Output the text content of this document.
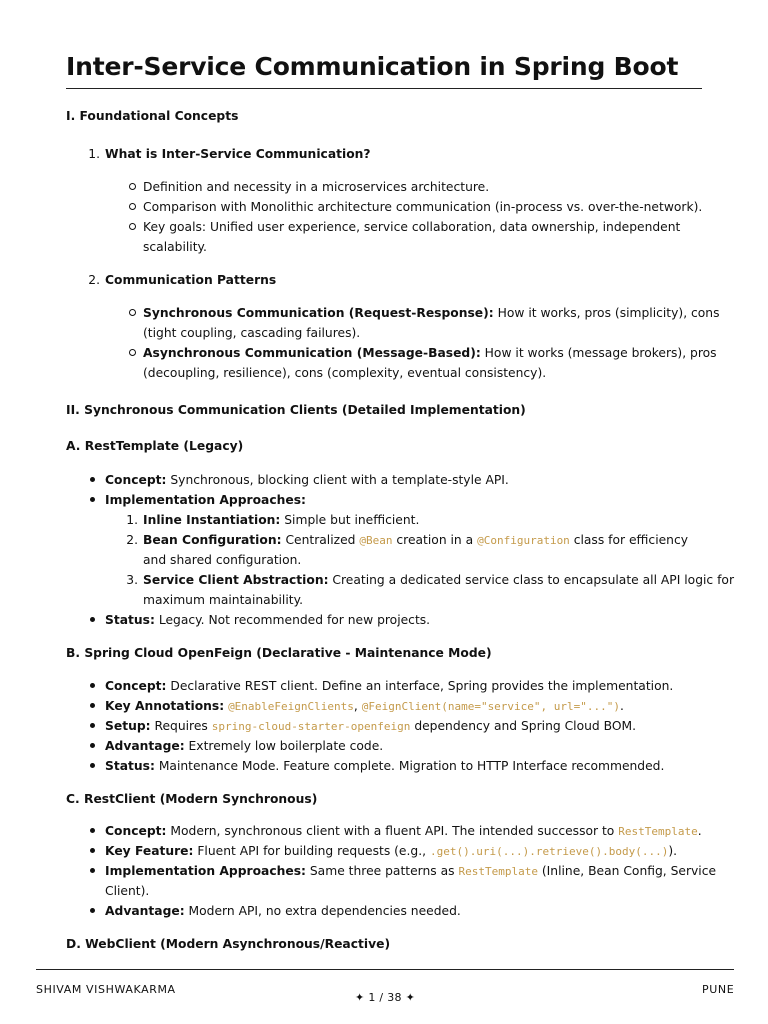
Inter-Service Communication in Spring Boot
I. Foundational Concepts
1. What is Inter-Service Communication?
Definition and necessity in a microservices architecture.
Comparison with Monolithic architecture communication (in-process vs. over-the-network).
Key goals: Unified user experience, service collaboration, data ownership, independent
scalability.
2. Communication Patterns
Synchronous Communication (Request-Response): How it works, pros (simplicity), cons
(tight coupling, cascading failures).
Asynchronous Communication (Message-Based): How it works (message brokers), pros
(decoupling, resilience), cons (complexity, eventual consistency).
II. Synchronous Communication Clients (Detailed Implementation)
A. RestTemplate (Legacy)
Concept: Synchronous, blocking client with a template-style API.
Implementation Approaches:
1. Inline Instantiation: Simple but inefficient.
2. Bean Configuration: Centralized @Bean creation in a @Configuration class for efficiency
and shared configuration.
3. Service Client Abstraction: Creating a dedicated service class to encapsulate all API logic for
maximum maintainability.
Status: Legacy. Not recommended for new projects.
B. Spring Cloud OpenFeign (Declarative - Maintenance Mode)
Concept: Declarative REST client. Define an interface, Spring provides the implementation.
Key Annotations: @EnableFeignClients, @FeignClient(name="service", url="...").
Setup: Requires spring-cloud-starter-openfeign dependency and Spring Cloud BOM.
Advantage: Extremely low boilerplate code.
Status: Maintenance Mode. Feature complete. Migration to HTTP Interface recommended.
C. RestClient (Modern Synchronous)
Concept: Modern, synchronous client with a fluent API. The intended successor to RestTemplate.
Key Feature: Fluent API for building requests (e.g., .get().uri(...).retrieve().body(...)).
Implementation Approaches: Same three patterns as RestTemplate (Inline, Bean Config, Service
Client).
Advantage: Modern API, no extra dependencies needed.
D. WebClient (Modern Asynchronous/Reactive)
SHIVAM VISHWAKARMA
✦ 1 / 38 ✦
PUNE
